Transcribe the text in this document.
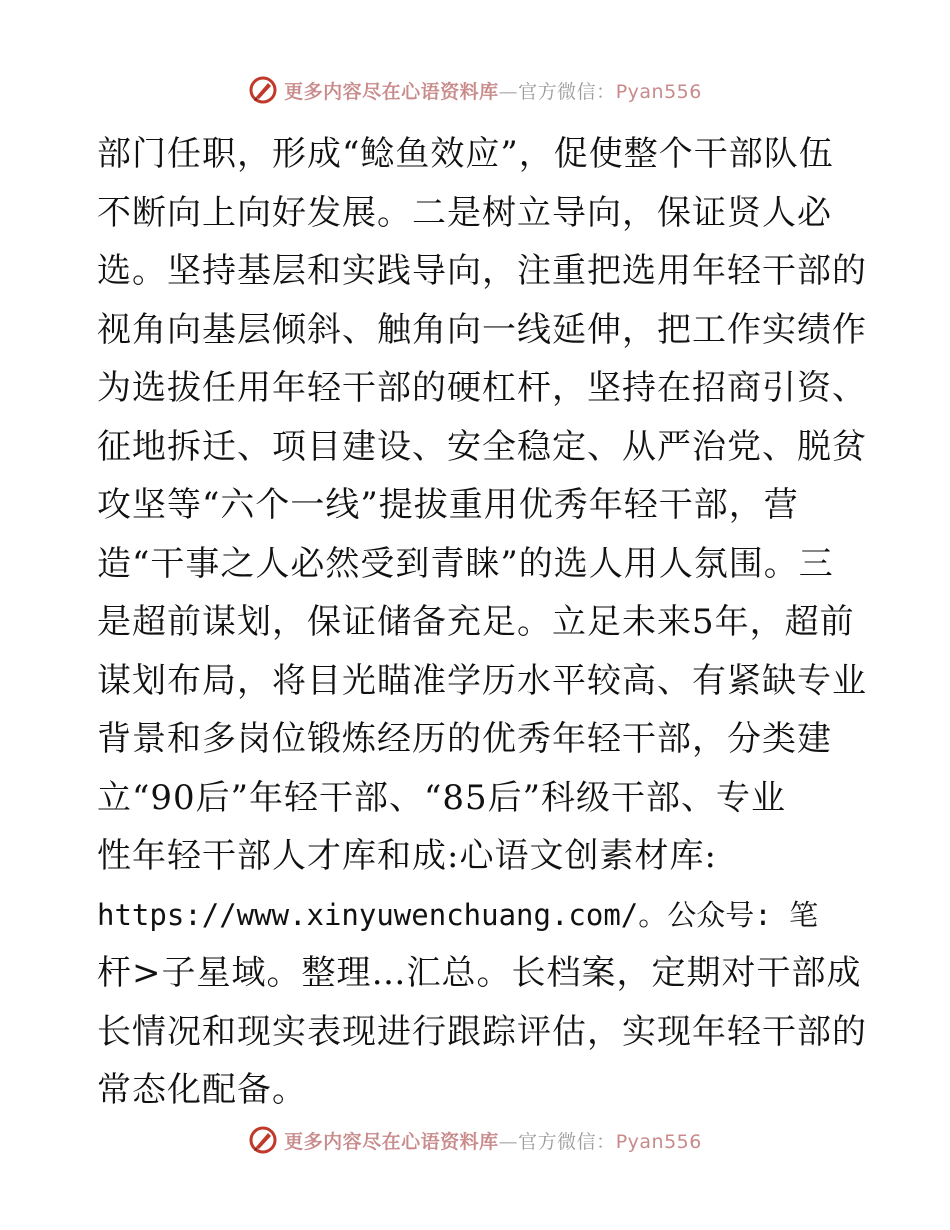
更多内容尽在心语资料库—官方微信：Pyan556
部门任职，形成“鲶鱼效应”，促使整个干部队伍
不断向上向好发展。二是树立导向，保证贤人必
选。坚持基层和实践导向，注重把选用年轻干部的
视角向基层倾斜、触角向一线延伸，把工作实绩作
为选拔任用年轻干部的硬杠杆，坚持在招商引资、
征地拆迁、项目建设、安全稳定、从严治党、脱贫
攻坚等“六个一线”提拔重用优秀年轻干部，营
造“干事之人必然受到青睐”的选人用人氛围。三
是超前谋划，保证储备充足。立足未来5年，超前
谋划布局，将目光瞄准学历水平较高、有紧缺专业
背景和多岗位锻炼经历的优秀年轻干部，分类建
立“90后”年轻干部、“85后”科级干部、专业
性年轻干部人才库和成:心语文创素材库:
https://www.xinyuwenchuang.com/。公众号: 笔
杆>子星域。整理…汇总。长档案，定期对干部成
长情况和现实表现进行跟踪评估，实现年轻干部的
常态化配备。
更多内容尽在心语资料库—官方微信：Pyan556
